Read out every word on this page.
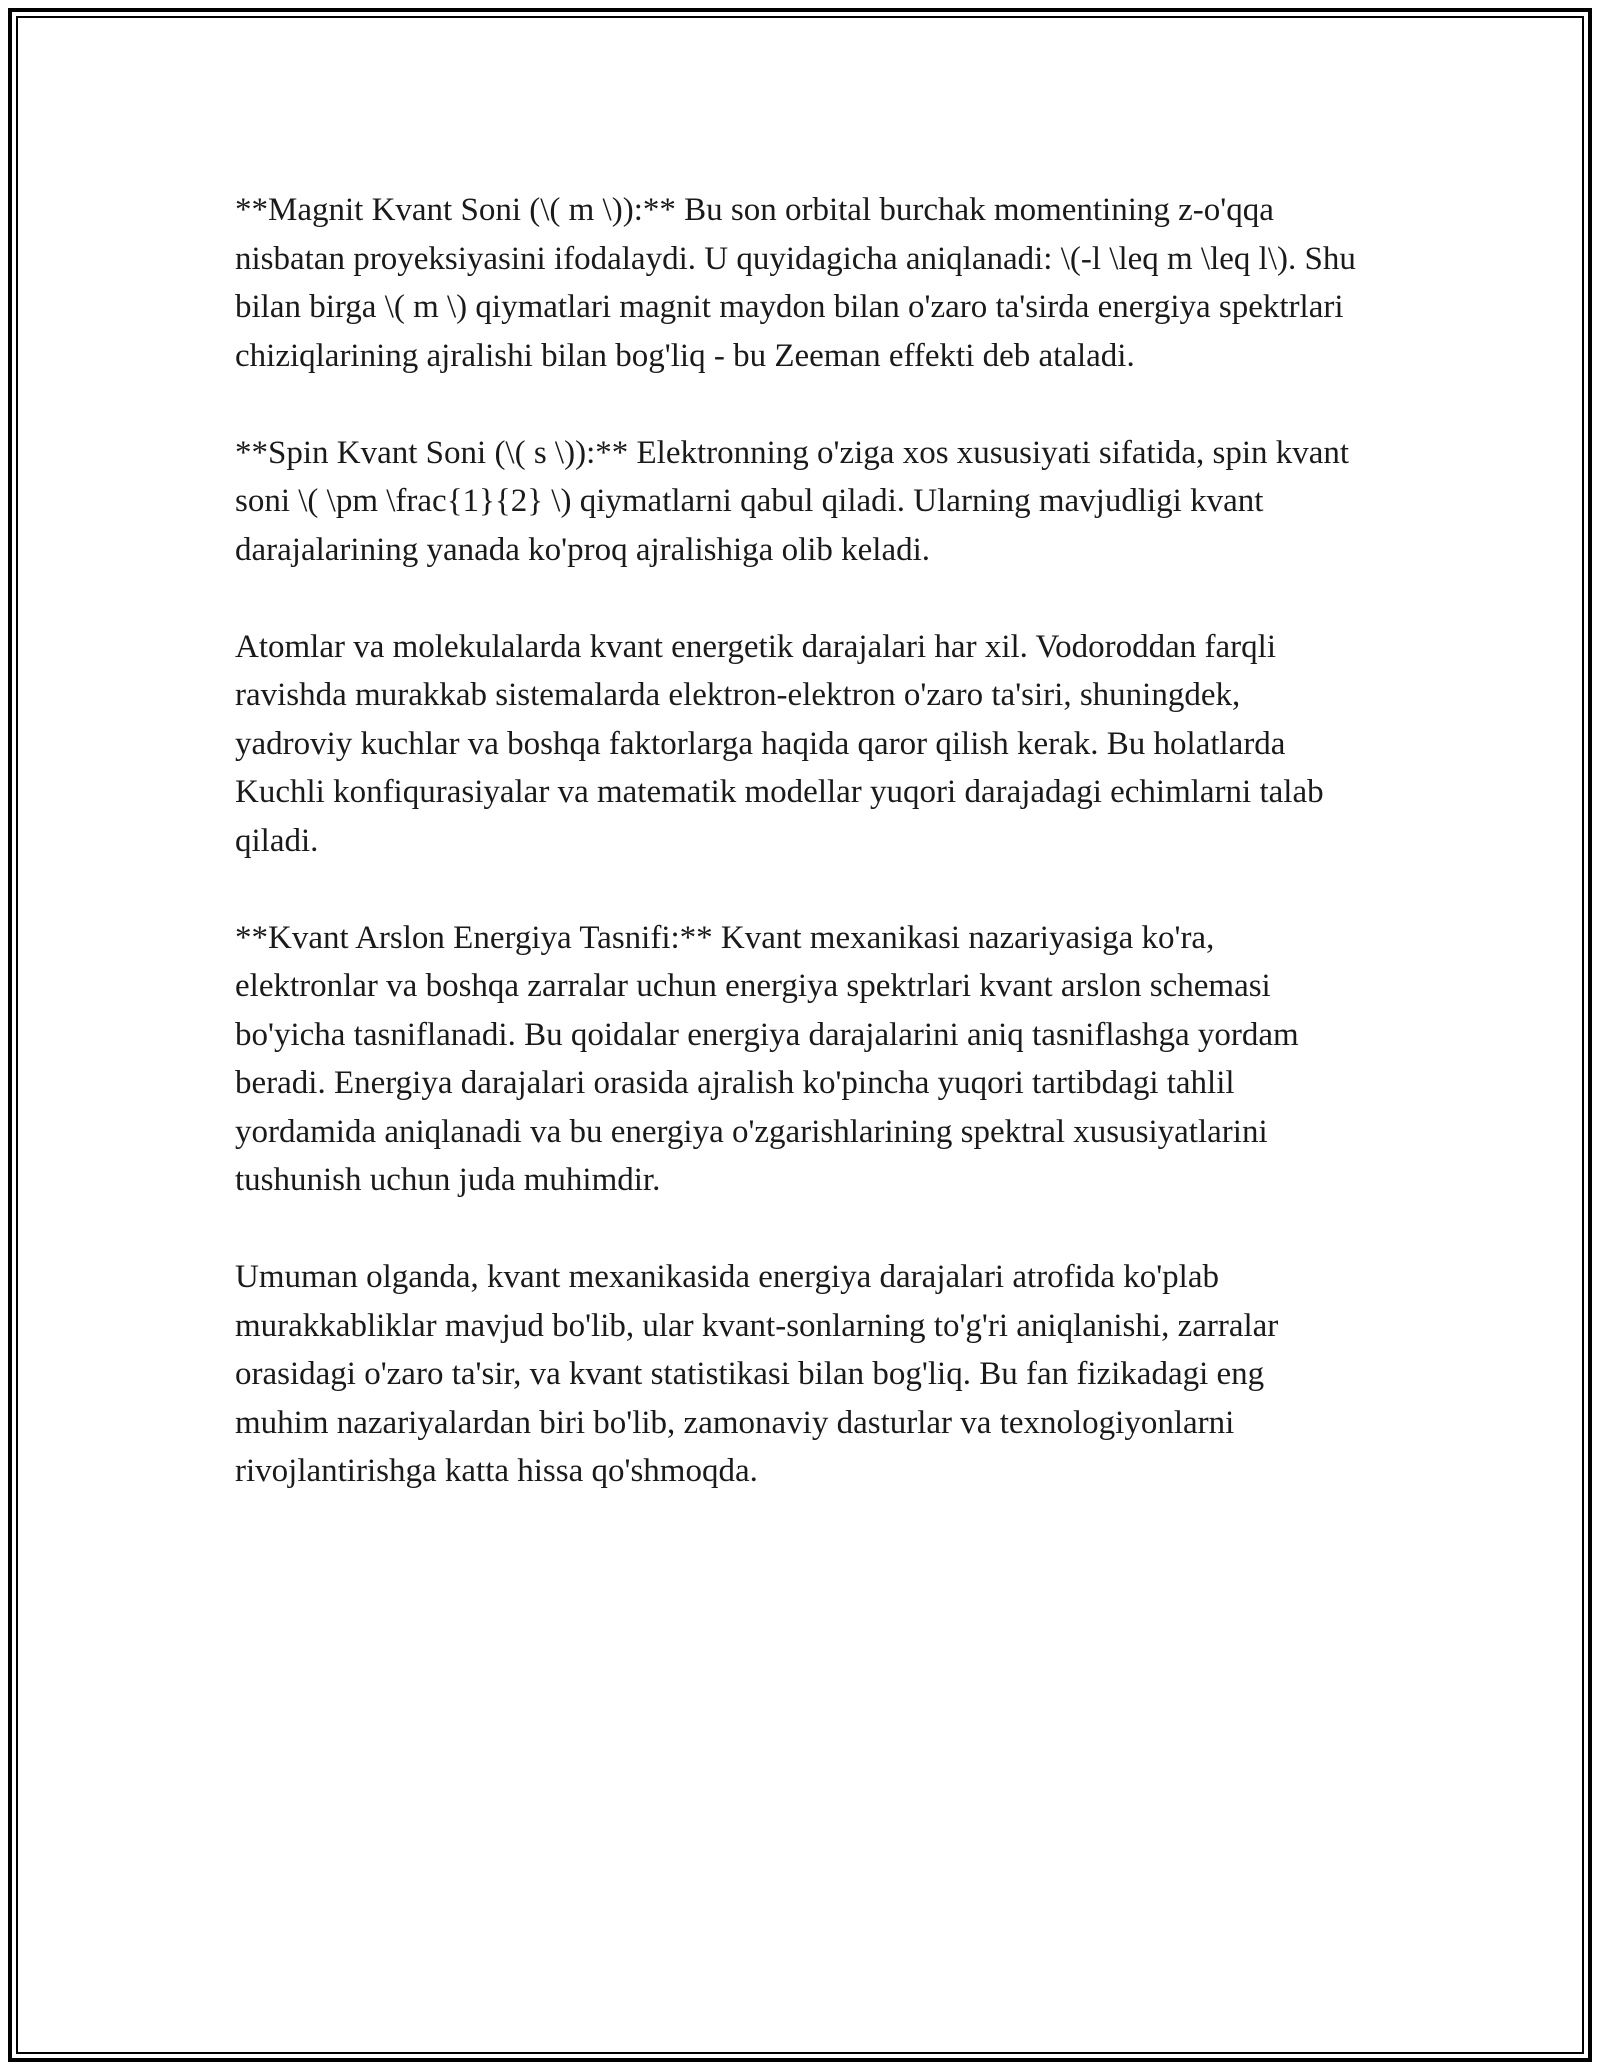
**Magnit Kvant Soni (\( m \)):** Bu son orbital burchak momentining z-o'qqa nisbatan proyeksiyasini ifodalaydi. U quyidagicha aniqlanadi: \(-l \leq m \leq l\). Shu bilan birga \( m \) qiymatlari magnit maydon bilan o'zaro ta'sirda energiya spektrlari chiziqlarining ajralishi bilan bog'liq - bu Zeeman effekti deb ataladi.

**Spin Kvant Soni (\( s \)):** Elektronning o'ziga xos xususiyati sifatida, spin kvant soni \( \pm \frac{1}{2} \) qiymatlarni qabul qiladi. Ularning mavjudligi kvant darajalarining yanada ko'proq ajralishiga olib keladi.

Atomlar va molekulalarda kvant energetik darajalari har xil. Vodoroddan farqli ravishda murakkab sistemalarda elektron-elektron o'zaro ta'siri, shuningdek, yadroviy kuchlar va boshqa faktorlarga haqida qaror qilish kerak. Bu holatlarda Kuchli konfiqurasiyalar va matematik modellar yuqori darajadagi echimlarni talab qiladi.

**Kvant Arslon Energiya Tasnifi:** Kvant mexanikasi nazariyasiga ko'ra, elektronlar va boshqa zarralar uchun energiya spektrlari kvant arslon schemasi bo'yicha tasniflanadi. Bu qoidalar energiya darajalarini aniq tasniflashga yordam beradi. Energiya darajalari orasida ajralish ko'pincha yuqori tartibdagi tahlil yordamida aniqlanadi va bu energiya o'zgarishlarining spektral xususiyatlarini tushunish uchun juda muhimdir.

Umuman olganda, kvant mexanikasida energiya darajalari atrofida ko'plab murakkabliklar mavjud bo'lib, ular kvant-sonlarning to'g'ri aniqlanishi, zarralar orasidagi o'zaro ta'sir, va kvant statistikasi bilan bog'liq. Bu fan fizikadagi eng muhim nazariyalardan biri bo'lib, zamonaviy dasturlar va texnologiyonlarni rivojlantirishga katta hissa qo'shmoqda.
